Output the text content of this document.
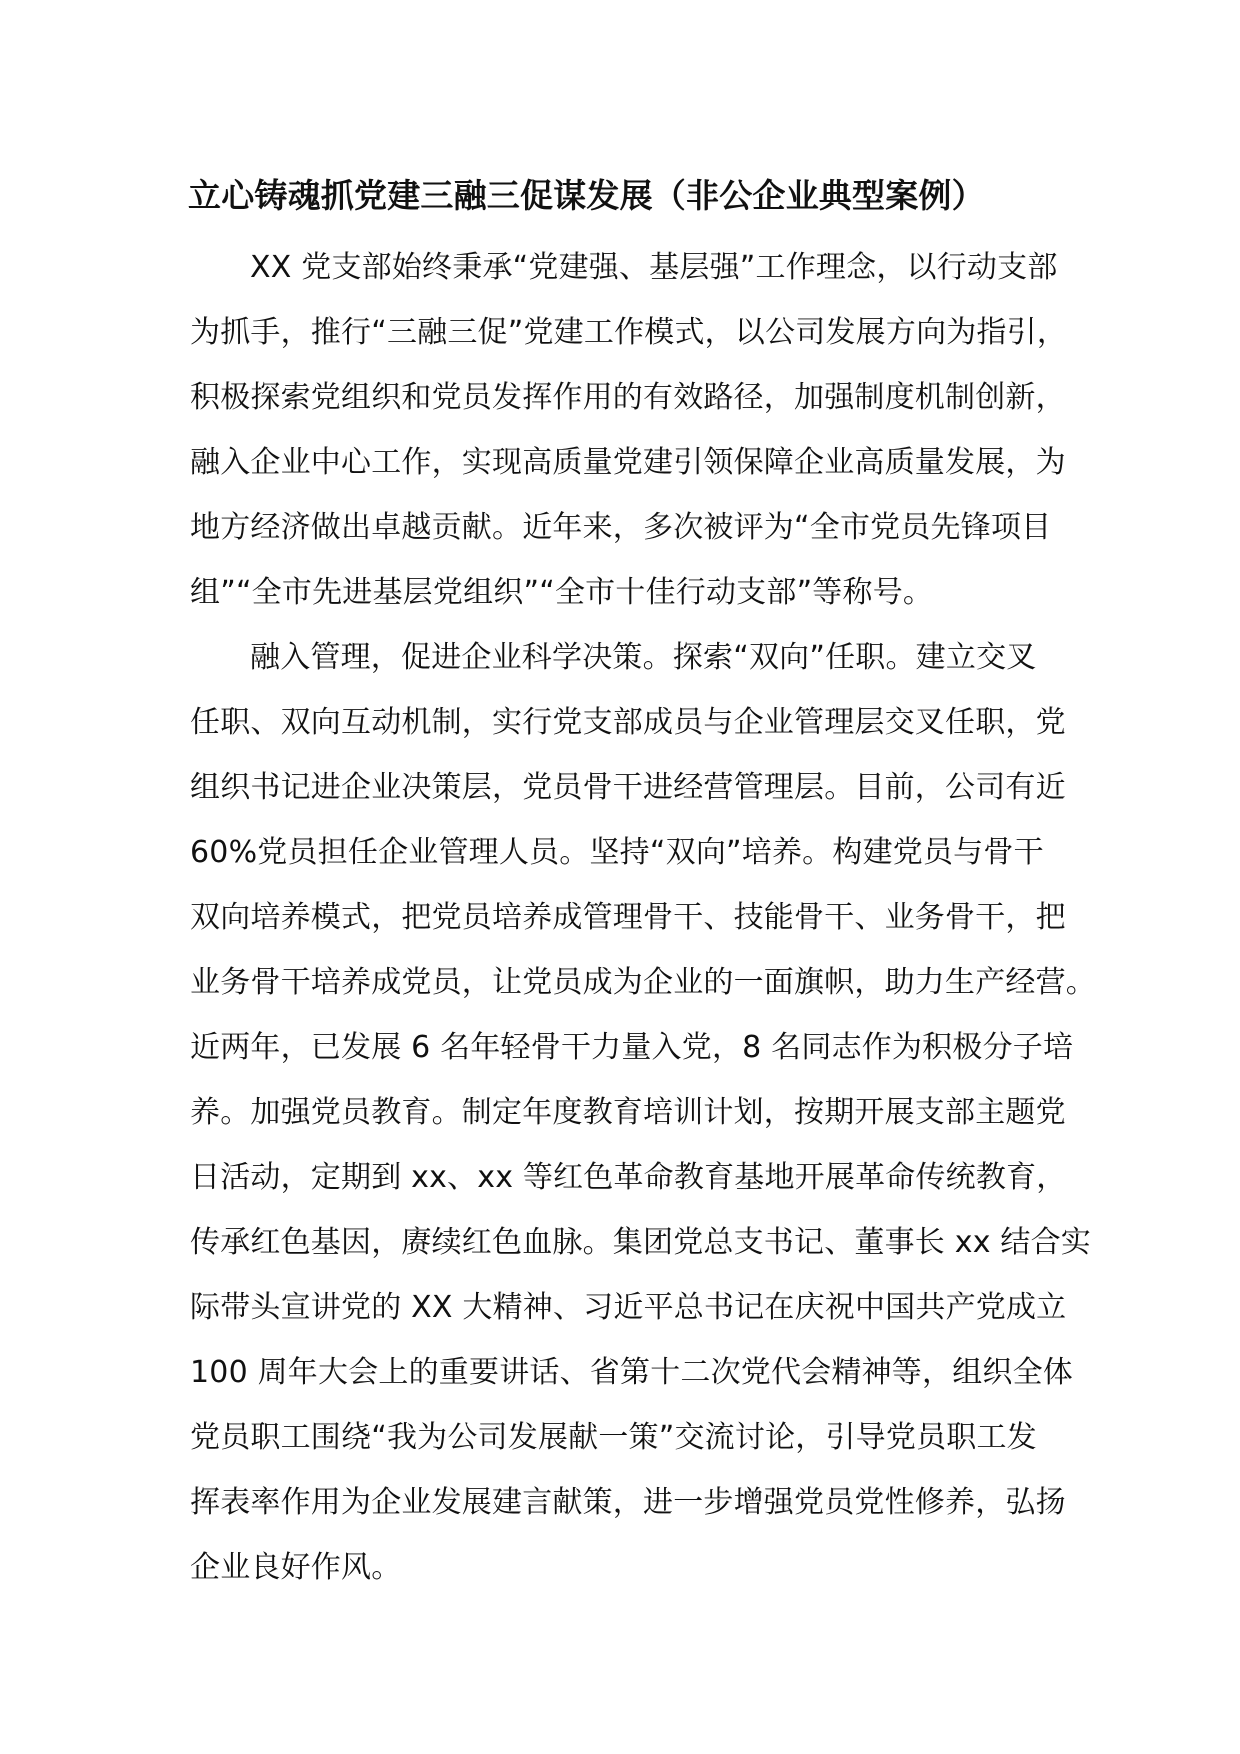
立心铸魂抓党建三融三促谋发展（非公企业典型案例）

XX 党支部始终秉承“党建强、基层强”工作理念，以行动支部

为抓手，推行“三融三促”党建工作模式，以公司发展方向为指引，

积极探索党组织和党员发挥作用的有效路径，加强制度机制创新，

融入企业中心工作，实现高质量党建引领保障企业高质量发展，为

地方经济做出卓越贡献。近年来，多次被评为“全市党员先锋项目

组”“全市先进基层党组织”“全市十佳行动支部”等称号。

融入管理，促进企业科学决策。探索“双向”任职。建立交叉

任职、双向互动机制，实行党支部成员与企业管理层交叉任职，党

组织书记进企业决策层，党员骨干进经营管理层。目前，公司有近

60%党员担任企业管理人员。坚持“双向”培养。构建党员与骨干

双向培养模式，把党员培养成管理骨干、技能骨干、业务骨干，把

业务骨干培养成党员，让党员成为企业的一面旗帜，助力生产经营。

近两年，已发展 6 名年轻骨干力量入党，8 名同志作为积极分子培

养。加强党员教育。制定年度教育培训计划，按期开展支部主题党

日活动，定期到 xx、xx 等红色革命教育基地开展革命传统教育，

传承红色基因，赓续红色血脉。集团党总支书记、董事长 xx 结合实

际带头宣讲党的 XX 大精神、习近平总书记在庆祝中国共产党成立

100 周年大会上的重要讲话、省第十二次党代会精神等，组织全体

党员职工围绕“我为公司发展献一策”交流讨论，引导党员职工发

挥表率作用为企业发展建言献策，进一步增强党员党性修养，弘扬

企业良好作风。
